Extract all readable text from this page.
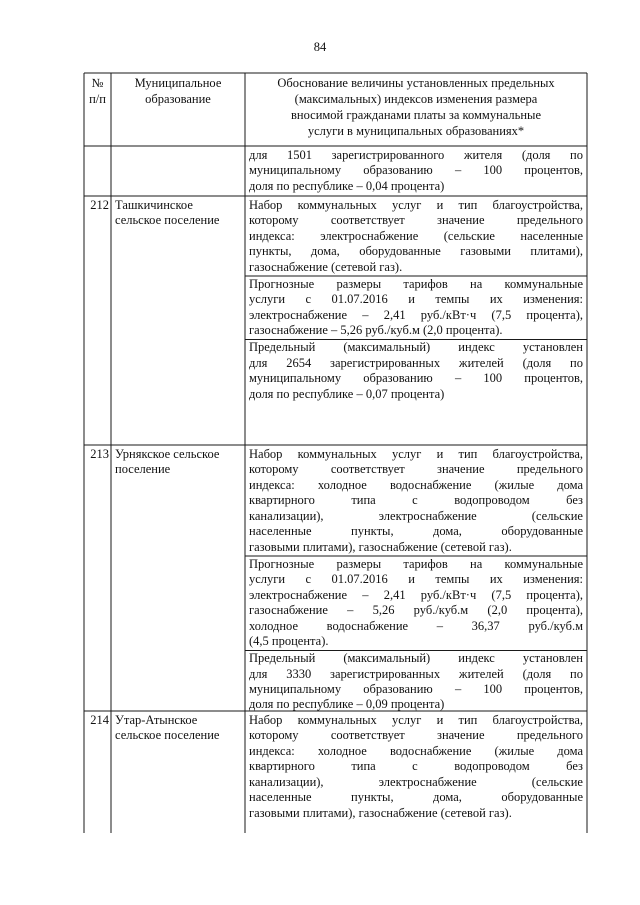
84
№
п/п
Муниципальное
образование
Обоснование величины установленных предельных
(максимальных) индексов изменения размера
вносимой гражданами платы за коммунальные
услуги в муниципальных образованиях*
для 1501 зарегистрированного жителя (доля по
муниципальному образованию – 100 процентов,
доля по республике – 0,04 процента)
212 Ташкичинское
сельское поселение
Набор коммунальных услуг и тип благоустройства,
которому соответствует значение предельного
индекса: электроснабжение (сельские населенные
пункты, дома, оборудованные газовыми плитами),
газоснабжение (сетевой газ).
Прогнозные размеры тарифов на коммунальные
услуги с 01.07.2016 и темпы их изменения:
электроснабжение – 2,41 руб./кВт·ч (7,5 процента),
газоснабжение – 5,26 руб./куб.м (2,0 процента).
Предельный (максимальный) индекс установлен
для 2654 зарегистрированных жителей (доля по
муниципальному образованию – 100 процентов,
доля по республике – 0,07 процента)
213 Урнякское сельское
поселение
Набор коммунальных услуг и тип благоустройства,
которому соответствует значение предельного
индекса: холодное водоснабжение (жилые дома
квартирного типа с водопроводом без
канализации), электроснабжение (сельские
населенные пункты, дома, оборудованные
газовыми плитами), газоснабжение (сетевой газ).
Прогнозные размеры тарифов на коммунальные
услуги с 01.07.2016 и темпы их изменения:
электроснабжение – 2,41 руб./кВт·ч (7,5 процента),
газоснабжение – 5,26 руб./куб.м (2,0 процента),
холодное водоснабжение – 36,37 руб./куб.м
(4,5 процента).
Предельный (максимальный) индекс установлен
для 3330 зарегистрированных жителей (доля по
муниципальному образованию – 100 процентов,
доля по республике – 0,09 процента)
214 Утар-Атынское
сельское поселение
Набор коммунальных услуг и тип благоустройства,
которому соответствует значение предельного
индекса: холодное водоснабжение (жилые дома
квартирного типа с водопроводом без
канализации), электроснабжение (сельские
населенные пункты, дома, оборудованные
газовыми плитами), газоснабжение (сетевой газ).
